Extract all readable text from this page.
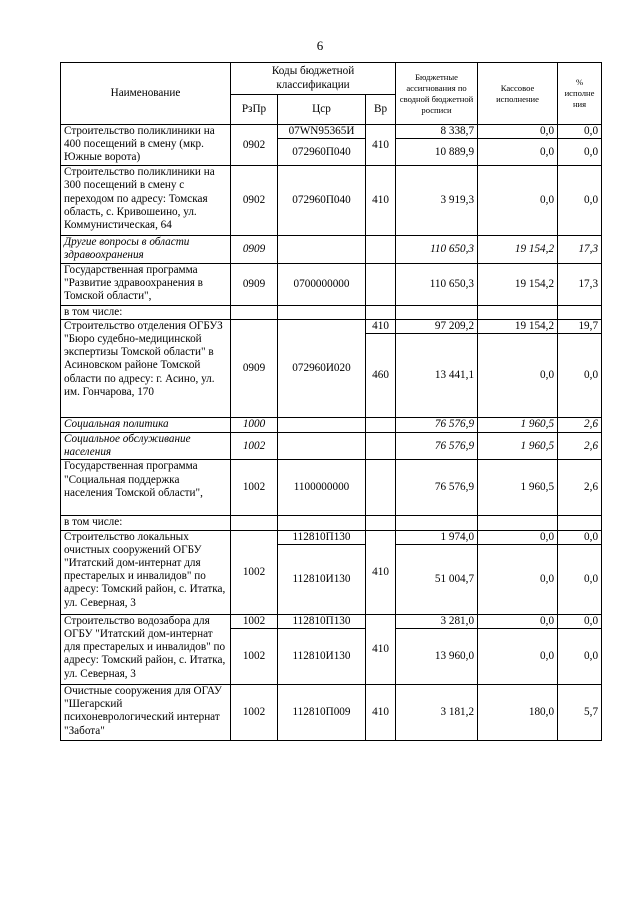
6
Наименование	Коды бюджетной классификации			Бюджетные ассигнования по сводной бюджетной росписи	Кассовое исполнение	% исполне ния
	РзПр	Цср	Вр			
Строительство поликлиники на 400 посещений в смену (мкр. Южные ворота)	0902	07WN95365И	410	8 338,7	0,0	0,0
		072960П040		10 889,9	0,0	0,0
Строительство поликлиники на 300 посещений в смену с переходом по адресу: Томская область, с. Кривошеино, ул. Коммунистическая, 64	0902	072960П040	410	3 919,3	0,0	0,0
Другие вопросы в области здравоохранения	0909			110 650,3	19 154,2	17,3
Государственная программа "Развитие здравоохранения в Томской области",	0909	0700000000		110 650,3	19 154,2	17,3
в том числе:						
Строительство отделения ОГБУЗ "Бюро судебно-медицинской экспертизы Томской области" в Асиновском районе Томской области по адресу: г. Асино, ул. им. Гончарова, 170	0909	072960И020	410	97 209,2	19 154,2	19,7
			460	13 441,1	0,0	0,0
Социальная политика	1000			76 576,9	1 960,5	2,6
Социальное обслуживание населения	1002			76 576,9	1 960,5	2,6
Государственная программа "Социальная поддержка населения Томской области",	1002	1100000000		76 576,9	1 960,5	2,6
в том числе:						
Строительство локальных очистных сооружений ОГБУ "Итатский дом-интернат для престарелых и инвалидов" по адресу: Томский район, с. Итатка, ул. Северная, 3	1002	112810П130	410	1 974,0	0,0	0,0
		112810И130		51 004,7	0,0	0,0
Строительство водозабора для ОГБУ "Итатский дом-интернат для престарелых и инвалидов" по адресу: Томский район, с. Итатка, ул. Северная, 3	1002	112810П130	410	3 281,0	0,0	0,0
	1002	112810И130		13 960,0	0,0	0,0
Очистные сооружения для ОГАУ "Шегарский психоневрологический интернат "Забота"	1002	112810П009	410	3 181,2	180,0	5,7
